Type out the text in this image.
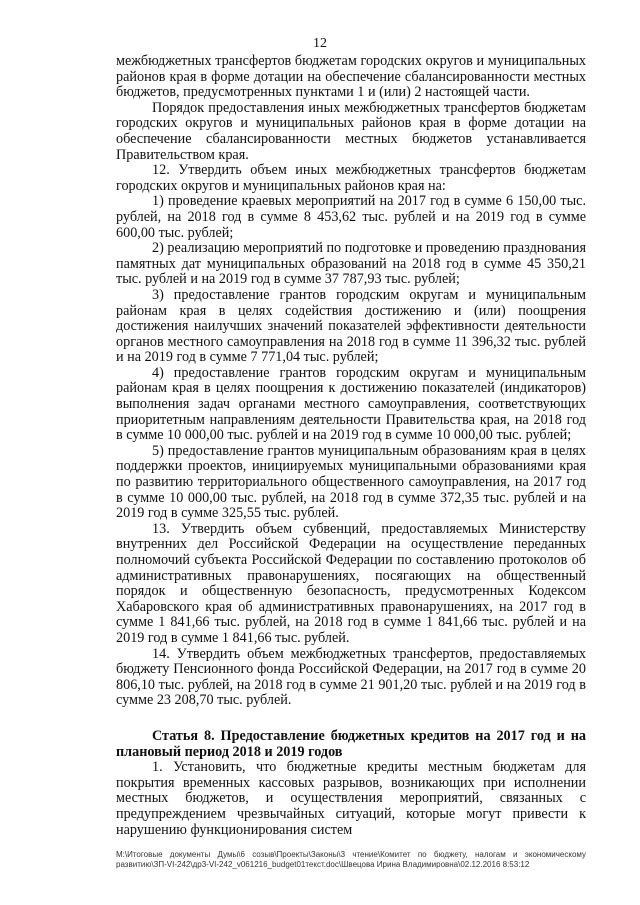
12

межбюджетных трансфертов бюджетам городских округов и муниципальных районов края в форме дотации на обеспечение сбалансированности местных бюджетов, предусмотренных пунктами 1 и (или) 2 настоящей части.

Порядок предоставления иных межбюджетных трансфертов бюджетам городских округов и муниципальных районов края в форме дотации на обеспечение сбалансированности местных бюджетов устанавливается Правительством края.

12. Утвердить объем иных межбюджетных трансфертов бюджетам городских округов и муниципальных районов края на:

1) проведение краевых мероприятий на 2017 год в сумме 6 150,00 тыс. рублей, на 2018 год в сумме 8 453,62 тыс. рублей и на 2019 год в сумме 600,00 тыс. рублей;

2) реализацию мероприятий по подготовке и проведению празднования памятных дат муниципальных образований на 2018 год в сумме 45 350,21 тыс. рублей и на 2019 год в сумме 37 787,93 тыс. рублей;

3) предоставление грантов городским округам и муниципальным районам края в целях содействия достижению и (или) поощрения достижения наилучших значений показателей эффективности деятельности органов местного самоуправления на 2018 год в сумме 11 396,32 тыс. рублей и на 2019 год в сумме 7 771,04 тыс. рублей;

4) предоставление грантов городским округам и муниципальным районам края в целях поощрения к достижению показателей (индикаторов) выполнения задач органами местного самоуправления, соответствующих приоритетным направлениям деятельности Правительства края, на 2018 год в сумме 10 000,00 тыс. рублей и на 2019 год в сумме 10 000,00 тыс. рублей;

5) предоставление грантов муниципальным образованиям края в целях поддержки проектов, инициируемых муниципальными образованиями края по развитию территориального общественного самоуправления, на 2017 год в сумме 10 000,00 тыс. рублей, на 2018 год в сумме 372,35 тыс. рублей и на 2019 год в сумме 325,55 тыс. рублей.

13. Утвердить объем субвенций, предоставляемых Министерству внутренних дел Российской Федерации на осуществление переданных полномочий субъекта Российской Федерации по составлению протоколов об административных правонарушениях, посягающих на общественный порядок и общественную безопасность, предусмотренных Кодексом Хабаровского края об административных правонарушениях, на 2017 год в сумме 1 841,66 тыс. рублей, на 2018 год в сумме 1 841,66 тыс. рублей и на 2019 год в сумме 1 841,66 тыс. рублей.

14. Утвердить объем межбюджетных трансфертов, предоставляемых бюджету Пенсионного фонда Российской Федерации, на 2017 год в сумме 20 806,10 тыс. рублей, на 2018 год в сумме 21 901,20 тыс. рублей и на 2019 год в сумме 23 208,70 тыс. рублей.

Статья 8. Предоставление бюджетных кредитов на 2017 год и на плановый период 2018 и 2019 годов

1. Установить, что бюджетные кредиты местным бюджетам для покрытия временных кассовых разрывов, возникающих при исполнении местных бюджетов, и осуществления мероприятий, связанных с предупреждением чрезвычайных ситуаций, которые могут привести к нарушению функционирования систем

M:\Итоговые документы Думы\6 созыв\Проекты\Законы\3 чтение\Комитет по бюджету, налогам и экономическому развитию\ЗП-VI-242\др3-VI-242_v061216_budget01текст.doc\Швецова Ирина Владимировна\02.12.2016 8:53:12
